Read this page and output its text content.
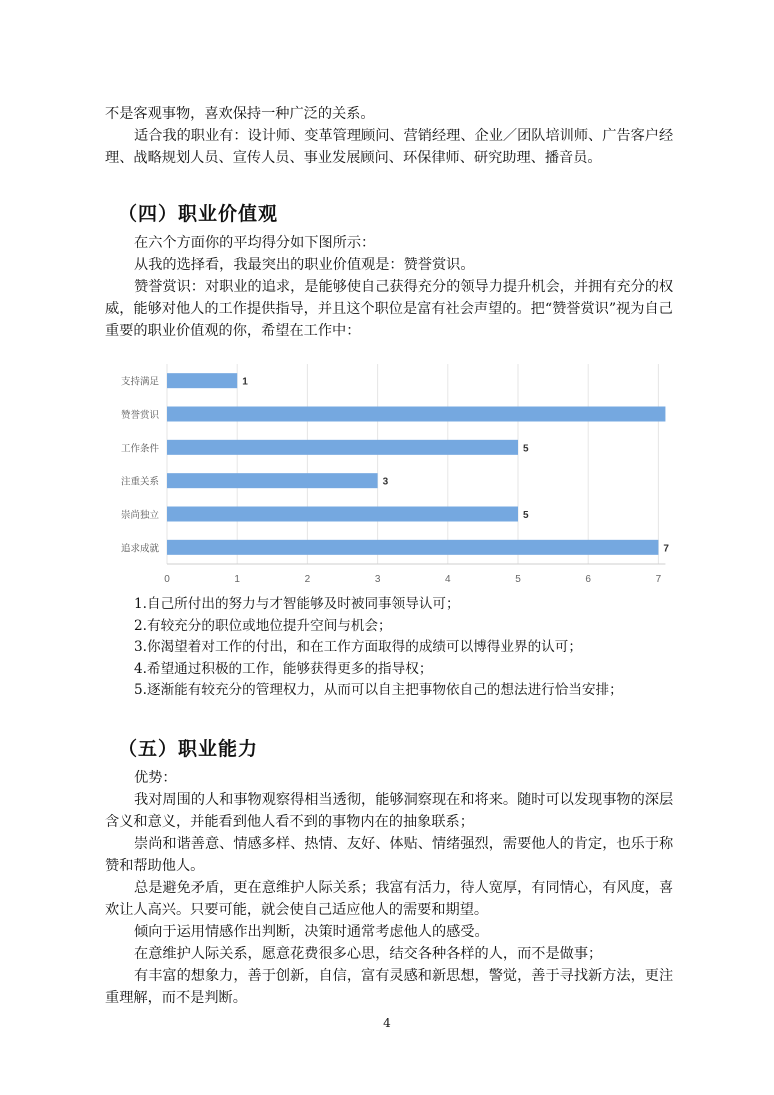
不是客观事物，喜欢保持一种广泛的关系。

适合我的职业有：设计师、变革管理顾问、营销经理、企业／团队培训师、广告客户经理、战略规划人员、宣传人员、事业发展顾问、环保律师、研究助理、播音员。

（四）职业价值观

在六个方面你的平均得分如下图所示：

从我的选择看，我最突出的职业价值观是：赞誉赏识。

赞誉赏识：对职业的追求，是能够使自己获得充分的领导力提升机会，并拥有充分的权威，能够对他人的工作提供指导，并且这个职位是富有社会声望的。把“赞誉赏识”视为自己重要的职业价值观的你，希望在工作中：

0	1	2	3	4	5	6	7
支持满足	1
赞誉赏识
工作条件	5
注重关系	3
崇尚独立	5
追求成就	7
1.自己所付出的努力与才智能够及时被同事领导认可；
2.有较充分的职位或地位提升空间与机会；
3.你渴望着对工作的付出，和在工作方面取得的成绩可以博得业界的认可；
4.希望通过积极的工作，能够获得更多的指导权；
5.逐渐能有较充分的管理权力，从而可以自主把事物依自己的想法进行恰当安排；
（五）职业能力

优势：

我对周围的人和事物观察得相当透彻，能够洞察现在和将来。随时可以发现事物的深层含义和意义，并能看到他人看不到的事物内在的抽象联系；

崇尚和谐善意、情感多样、热情、友好、体贴、情绪强烈，需要他人的肯定，也乐于称赞和帮助他人。

总是避免矛盾，更在意维护人际关系；我富有活力，待人宽厚，有同情心，有风度，喜欢让人高兴。只要可能，就会使自己适应他人的需要和期望。

倾向于运用情感作出判断，决策时通常考虑他人的感受。

在意维护人际关系，愿意花费很多心思，结交各种各样的人，而不是做事；

有丰富的想象力，善于创新，自信，富有灵感和新思想，警觉，善于寻找新方法，更注重理解，而不是判断。

4
